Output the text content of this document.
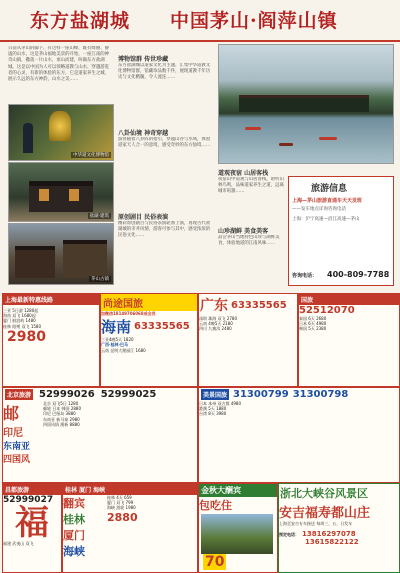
东方盐湖城 中国茅山·阎萍山镇
日前从茅山的脚下，有这样一座山峰，既有绮丽、静谧的山水，这是茅山福地美景的开始，一座江南的神奇山镇，撒落一片山水，承山而建，叫做东方盐湖城。这是以中国为人可以领略道教与山水、穿越游览者的心灵，有新的体验的东方，它是道家养生之城，展示久远的东方神韵，山水之美……
中华道文化博物馆
盐湖·建筑
茅山古镇
博物馆群 传世珍藏
东方盐湖城以道家文化为主题，汇集中华道教文化博物馆群，馆藏珍品数千件，展现道教千年历史与文化精髓，令人流连……
八卦仙境 神奇穿越
游客随着八卦阵的指引，穿越山谷与水域，体验道家天人合一的意境，感受奇妙的东方仙境……
原创剧目 民俗表演
精彩原创剧目与民俗表演轮番上演，再现古代盐湖城的市井风情，游客可参与其中，感受浓浓的民俗文化……
道观夜宿 山居客栈
夜宿山中道观与山居客栈，聆听山林鸟鸣，品味道家养生之道，远离城市喧嚣……
山珍湖鲜 美食美客
品尝茅山当地特色山珍与湖鲜美食，体验地道的江南风味……
旅游信息
上海—茅山旅游直通车天天发班
——发车地点详询咨询电话
上海：沪宁高速—沿江高速—茅山
咨询电话： 400-809-7788
上海最新特惠线路
三亚 5日游 1280起
海南 双飞 1680起
厦门 鼓浪屿 1480
桂林 阳朔 双飞 1580
2980
尚途国旅
加微信18149706068成会员
海南 63335565
三亚4晚5天 1820
广西·桂林·巴马
云南 昆明大理丽江 1680
广东 63335565
深圳 珠海 双飞 2780
云南 4晚5天 2180
四川 九寨沟 2480
国旅
52512070
泰国 6天 2680
日本 6天 4980
韩国 5天 2380
北京旅游 52999026 52999025
邮
印尼
东南亚
四国风
北京 双飞5日 1280
邮轮 日本 韩国 2880
印尼 巴厘岛 3880
东南亚 新马泰 2980
四国风情 澳新 8880
美景国旅 31300799 31300798
日本 本州 双古都 4980
港澳 5天 1880
台湾 8天 3980
昌都旅游
52999027
福
福建 武夷山 双飞
桂林 厦门 海峡
翻宾
桂林
厦门
海峡
桂林 4天 659
厦门 双飞 799
海峡 游轮 1980
2880
金秋大酬宾
包吃住
70
浙北大峡谷风景区
安吉福寿都山庄
上海至安吉专车接送 每周三、五、日发车
预定电话： 13816297078
13615822122
